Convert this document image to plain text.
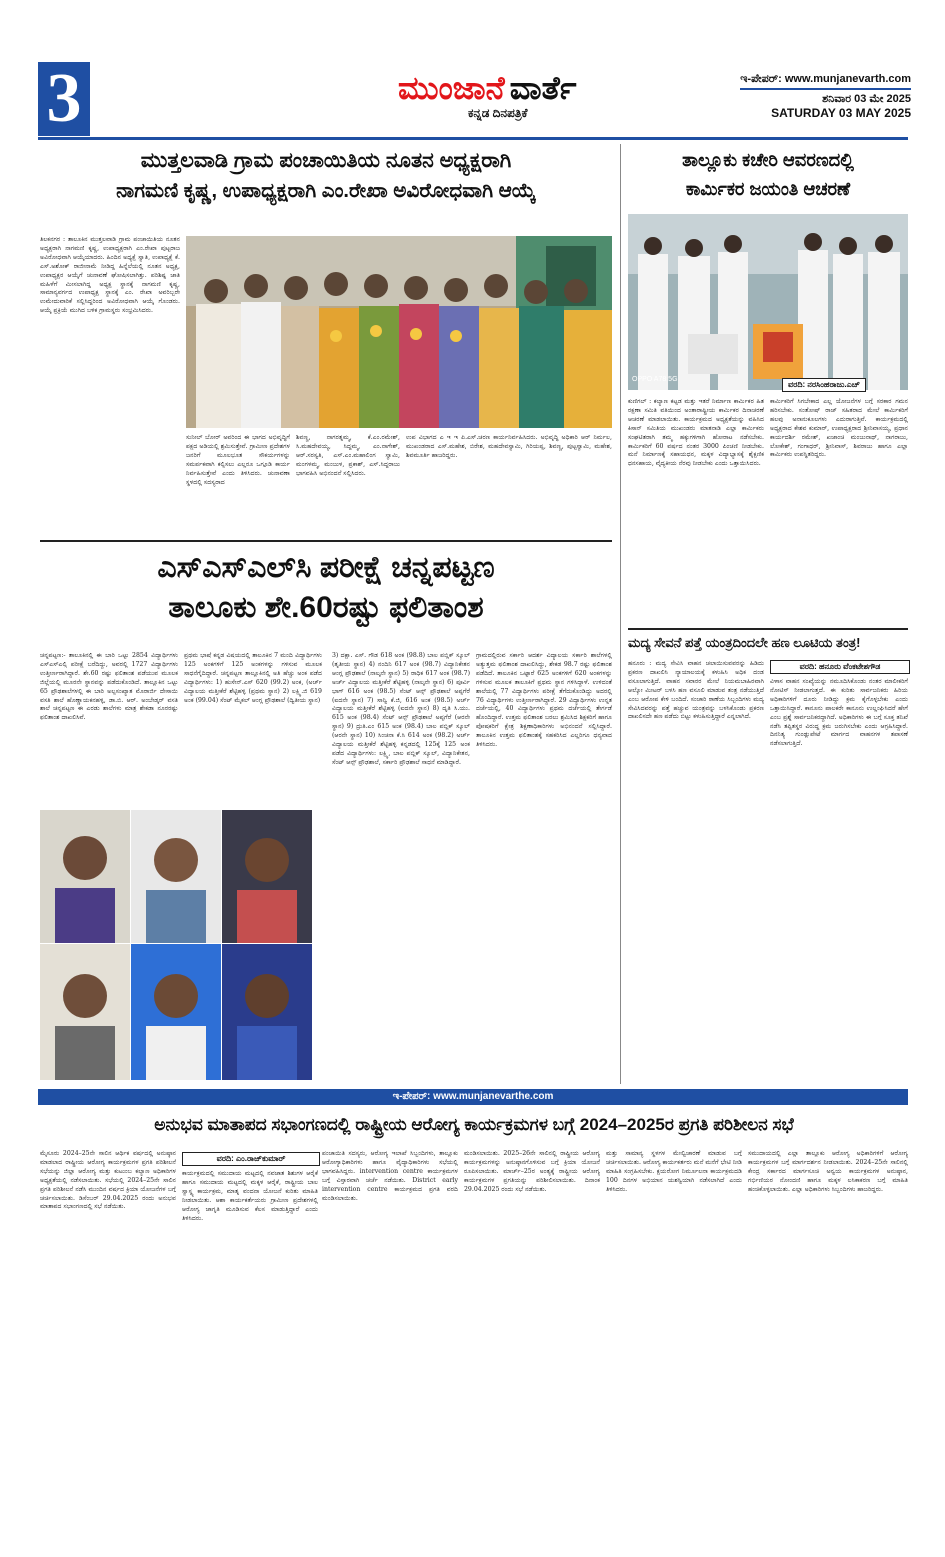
3	ಮುಂಜಾನೆ ವಾರ್ತೆ
ಕನ್ನಡ ದಿನಪತ್ರಿಕೆ
ಇ-ಪೇಪರ್: www.munjanevarth.com
ಶನಿವಾರ 03 ಮೇ 2025
SATURDAY 03 MAY 2025
ಮುತ್ತಲವಾಡಿ ಗ್ರಾಮ ಪಂಚಾಯಿತಿಯ ನೂತನ ಅಧ್ಯಕ್ಷರಾಗಿ
ನಾಗಮಣಿ ಕೃಷ್ಣ, ಉಪಾಧ್ಯಕ್ಷರಾಗಿ ಎಂ.ರೇಖಾ ಅವಿರೋಧವಾಗಿ ಆಯ್ಕೆ
ತಿಲಕನಗರ : ತಾಲೂಕಿನ ಮುತ್ತಲವಾಡಿ ಗ್ರಾಮ ಪಂಚಾಯಿತಿಯ ನೂತನ ಅಧ್ಯಕ್ಷರಾಗಿ ನಾಗಮಣಿ ಕೃಷ್ಣ, ಉಪಾಧ್ಯಕ್ಷರಾಗಿ ಎಂ.ರೇಖಾ ಪುಟ್ಟರಾಜ ಅವಿರೋಧವಾಗಿ ಆಯ್ಕೆಯಾದರು. ಹಿಂದಿನ ಅಧ್ಯಕ್ಷೆ ಸ್ವಾತಿ, ಉಪಾಧ್ಯಕ್ಷೆ ಕೆ. ಎಸ್.ಅಶೋಕ್ ರಾಜೀನಾಮೆ ನೀಡಿದ್ದ ಹಿನ್ನೆಲೆಯಲ್ಲಿ ನೂತನ ಅಧ್ಯಕ್ಷ, ಉಪಾಧ್ಯಕ್ಷರ ಆಯ್ಕೆಗೆ ಚುನಾವಣೆ ಘೋಷಿಸಲಾಗಿತ್ತು. ಪರಿಶಿಷ್ಟ ಜಾತಿ ಮಹಿಳೆಗೆ ಮೀಸಲಾಗಿದ್ದ ಅಧ್ಯಕ್ಷ ಸ್ಥಾನಕ್ಕೆ ನಾಗಮಣಿ ಕೃಷ್ಣ, ಸಾಮಾನ್ಯವರ್ಗದ ಉಪಾಧ್ಯಕ್ಷ ಸ್ಥಾನಕ್ಕೆ ಎಂ. ರೇಖಾ ಅವರಿಬ್ಬರೇ ಉಮೇದುವಾರಿಕೆ ಸಲ್ಲಿಸಿದ್ದರಿಂದ ಅವಿರೋಧವಾಗಿ ಆಯ್ಕೆ ಗೊಂಡರು. ಆಯ್ಕೆ ಪ್ರಕ್ರಿಯೆ ಮುಗಿದ ಬಳಿಕ ಗ್ರಾಮಸ್ಥರು ಸಂಭ್ರಮಿಸಿದರು.
ಸುನೀಲ್ ಬೋರ್ ಅವರಿಂದ ಈ ಭಾಗದ ಅಭಿವೃದ್ಧಿಗೆ ಪಕ್ಷದ ಅಡಿಯಲ್ಲಿ ಶ್ರಮಿಸುತ್ತೇವೆ. ಗ್ರಾಮೀಣ ಪ್ರದೇಶಗಳ ಜನರಿಗೆ ಮೂಲಭೂತ ಸೌಕರ್ಯಗಳನ್ನು ಸಮರ್ಪಕವಾಗಿ ಕಲ್ಪಿಸಲು ಎಲ್ಲರೂ ಒಗ್ಗೂಡಿ ಕಾರ್ಯ ನಿರ್ವಹಿಸುತ್ತೇವೆ ಎಂದು ತಿಳಿಸಿದರು. ಚುನಾವಣಾ ಸ್ಥಳದಲ್ಲಿ ಸದಸ್ಯರಾದ
ಶಿವಣ್ಣ, ನಾಗರತ್ನಮ್ಮ, ಕೆ.ಎಂ.ರಮೇಶ್, ಸಿ.ಮಹದೇವಯ್ಯ, ಸಿದ್ದಮ್ಮ, ಎಂ.ನಾಗೇಶ್, ಆರ್.ಸರಸ್ವತಿ, ಎಸ್.ಎಂ.ಮಹಾಲಿಂಗ ಸ್ವಾಮಿ, ಮಂಗಳಮ್ಮ, ಮಂಜುಳ, ಪ್ರಕಾಶ್, ಎಸ್.ಸಿದ್ದರಾಜು ಭಾಗವಹಿಸಿ ಅಭಿನಂದನೆ ಸಲ್ಲಿಸಿದರು.
ಉಪ ವಿಭಾಗದ ಎ ಇ ಇ ಪಿ.ಎಸ್.ಚರಣ ಕಾರ್ಯನಿರ್ವಹಿಸಿದರು. ಅಭಿವೃದ್ಧಿ ಅಧಿಕಾರಿ ಆರ್ ನಿರ್ಮಲ, ಮುಖಂಡರಾದ ಎಸ್.ಮಹೇಶ, ಬಿರೇಶ, ಮಹದೇವಸ್ವಾಮಿ, ಗಿರಿಯಪ್ಪ, ಶಿವಣ್ಣ, ಪುಟ್ಟಸ್ವಾಮಿ, ಮಹೇಶ, ಶಿವಮೂರ್ತಿ ಹಾಜರಿದ್ದರು.
ತಾಲ್ಲೂಕು ಕಚೇರಿ ಆವರಣದಲ್ಲಿ
ಕಾರ್ಮಿಕರ ಜಯಂತಿ ಆಚರಣೆ
OPPO A78 5G
ವರದಿ: ನರಸಿಂಹರಾಜು.ಎಚ್
ಕುಣಿಗಲ್ : ಕಲ್ಯಾಣ ಕಟ್ಟಡ ಮತ್ತು ಇತರೆ ನಿರ್ಮಾಣ ಕಾರ್ಮಿಕರ ಹಿತ ರಕ್ಷಣಾ ಸಮಿತಿ ವತಿಯಿಂದ ಅಂತಾರಾಷ್ಟ್ರೀಯ ಕಾರ್ಮಿಕರ ದಿನಾಚರಣೆ ಆಚರಣೆ ಮಾಡಲಾಯಿತು. ಕಾರ್ಯಕ್ರಮದ ಅಧ್ಯಕ್ಷತೆಯನ್ನು ವಹಿಸಿದ ಕಿಸಾನ್ ಸಮಿತಿಯ ಮುಖಂಡರು ಮಾತನಾಡಿ ಎಲ್ಲಾ ಕಾರ್ಮಿಕರು ಸಂಘಟಿತರಾಗಿ ತಮ್ಮ ಹಕ್ಕುಗಳಿಗಾಗಿ ಹೋರಾಟ ನಡೆಸಬೇಕು. ಕಾರ್ಮಿಕರಿಗೆ 60 ವರ್ಷದ ನಂತರ 3000 ಪಿಂಚಣಿ ನೀಡಬೇಕು. ಮನೆ ನಿರ್ಮಾಣಕ್ಕೆ ಸಹಾಯಧನ, ಮಕ್ಕಳ ವಿದ್ಯಾಭ್ಯಾಸಕ್ಕೆ ಶೈಕ್ಷಣಿಕ ಧನಸಹಾಯ, ವೈದ್ಯಕೀಯ ನೆರವು ನೀಡಬೇಕು ಎಂದು ಒತ್ತಾಯಿಸಿದರು.
ಕಾರ್ಮಿಕರಿಗೆ ಸಿಗಬೇಕಾದ ಎಲ್ಲ ಯೋಜನೆಗಳ ಬಗ್ಗೆ ಸರಕಾರ ಗಮನ ಹರಿಸಬೇಕು. ಸಂತೋಷ್ ರಾಜ್ ಸಹಿತರಾದ ಮೇಲೆ ಕಾರ್ಮಿಕರಿಗೆ ಹಲವು ಅನಾನುಕೂಲಗಳು ಎದುರಾಗುತ್ತಿವೆ. ಕಾರ್ಯಕ್ರಮದಲ್ಲಿ ಅಧ್ಯಕ್ಷರಾದ ಕೇಶವ ಕುಮಾರ್, ಉಪಾಧ್ಯಕ್ಷರಾದ ಶ್ರೀನಿವಾಸಯ್ಯ, ಪ್ರಧಾನ ಕಾರ್ಯದರ್ಶಿ ರಮೇಶ್, ಖಜಾಂಚಿ ಮಂಜುನಾಥ್, ನಾಗರಾಜು, ಲೋಕೇಶ್, ಗಂಗಾಧರ್, ಶ್ರೀನಿವಾಸ್, ಶಿವರಾಜು ಹಾಗೂ ಎಲ್ಲಾ ಕಾರ್ಮಿಕರು ಉಪಸ್ಥಿತರಿದ್ದರು.
ಮದ್ಯ ಸೇವನೆ ಪತ್ತೆ ಯಂತ್ರದಿಂದಲೇ ಹಣ ಲೂಟಿಯ ತಂತ್ರ!
ಹನೂರು : ಮದ್ಯ ಸೇವಿಸಿ ವಾಹನ ಚಲಾಯಿಸುವವರನ್ನು ಹಿಡಿದು ಪ್ರಕರಣ ದಾಖಲಿಸಿ ನ್ಯಾಯಾಲಯಕ್ಕೆ ಕಳುಹಿಸಿ ಅಧಿಕ ದಂಡ ವಸೂಲಾಗುತ್ತಿದೆ. ವಾಹನ ಸವಾರರ ಮೇಲೆ ನಿಯಮಬಾಹಿರವಾಗಿ ಆಲ್ಕೋ ಮೀಟರ್ ಬಳಸಿ ಹಣ ವಸೂಲಿ ಮಾಡುವ ತಂತ್ರ ನಡೆಯುತ್ತಿದೆ ಎಂಬ ಆರೋಪ ಕೇಳಿ ಬಂದಿದೆ. ಸಂಚಾರಿ ಠಾಣೆಯ ಸಿಬ್ಬಂದಿಗಳು ಮದ್ಯ ಸೇವಿಸಿದವರನ್ನು ಪತ್ತೆ ಹಚ್ಚುವ ಯಂತ್ರವನ್ನು ಬಳಸಿಕೊಂಡು ಪ್ರಕರಣ ದಾಖಲಿಸದೇ ಹಣ ಪಡೆದು ಬಿಟ್ಟು ಕಳುಹಿಸುತ್ತಿದ್ದಾರೆ ಎನ್ನಲಾಗಿದೆ.
ವರದಿ: ಹನೂರು ವೆಂಕಟೇಶಗೌಡ
ವಿಳಾಸ ವಾಹನ ಸಂಖ್ಯೆಯನ್ನು ನಮೂದಿಸಿಕೊಂಡು ನಂತರ ಮಾಲೀಕರಿಗೆ ನೋಟಿಸ್ ನೀಡಲಾಗುತ್ತದೆ. ಈ ಕುರಿತು ಸಾರ್ವಜನಿಕರು ಹಿರಿಯ ಅಧಿಕಾರಿಗಳಿಗೆ ದೂರು ನೀಡಿದ್ದು ಕ್ರಮ ಕೈಗೊಳ್ಳಬೇಕು ಎಂದು ಒತ್ತಾಯಿಸಿದ್ದಾರೆ. ಕಾನೂನು ಪಾಲಕರೇ ಕಾನೂನು ಉಲ್ಲಂಘಿಸಿದರೆ ಹೇಗೆ ಎಂಬ ಪ್ರಶ್ನೆ ಸಾರ್ವಜನಿಕರದ್ದಾಗಿದೆ. ಅಧಿಕಾರಿಗಳು ಈ ಬಗ್ಗೆ ಸೂಕ್ತ ತನಿಖೆ ನಡೆಸಿ ತಪ್ಪಿತಸ್ಥರ ವಿರುದ್ಧ ಕ್ರಮ ಜರುಗಿಸಬೇಕು ಎಂದು ಆಗ್ರಹಿಸಿದ್ದಾರೆ. ದಿನನಿತ್ಯ ಗುಂಡ್ಲುಪೇಟೆ ಮಾರ್ಗದ ವಾಹನಗಳ ತಪಾಸಣೆ ನಡೆಸಲಾಗುತ್ತಿದೆ.
ಎಸ್‌ಎಸ್‌ಎಲ್‌ಸಿ ಪರೀಕ್ಷೆ ಚನ್ನಪಟ್ಟಣ
ತಾಲೂಕು ಶೇ.60ರಷ್ಟು ಫಲಿತಾಂಶ
ಚನ್ನಪಟ್ಟಣ:- ತಾಲೂಕಿನಲ್ಲಿ ಈ ಬಾರಿ ಒಟ್ಟು 2854 ವಿದ್ಯಾರ್ಥಿಗಳು ಎಸ್ಎಸ್ಎಲ್ಸಿ ಪರೀಕ್ಷೆ ಬರೆದಿದ್ದು, ಅವರಲ್ಲಿ 1727 ವಿದ್ಯಾರ್ಥಿಗಳು ಉತ್ತೀರ್ಣರಾಗಿದ್ದಾರೆ. ಶೇ.60 ರಷ್ಟು ಫಲಿತಾಂಶ ಪಡೆಯುವ ಮೂಲಕ ಜಿಲ್ಲೆಯಲ್ಲಿ ಮೂರನೇ ಸ್ಥಾನವನ್ನು ಪಡೆದುಕೊಂಡಿದೆ. ತಾಲ್ಲೂಕಿನ ಒಟ್ಟು 65 ಪ್ರೌಢಶಾಲೆಗಳಲ್ಲಿ ಈ ಬಾರಿ ಅಲ್ಪಸಂಖ್ಯಾತ ಮೊರಾರ್ಜಿ ದೇಸಾಯಿ ವಸತಿ ಶಾಲೆ ಹೊಣ್ಣಾಯಕನಹಳ್ಳಿ, ಡಾ.ಬಿ. ಆರ್. ಅಂಬೇಡ್ಕರ್ ವಸತಿ ಶಾಲೆ ಚನ್ನಪಟ್ಟಣ ಈ ಎರಡು ಶಾಲೆಗಳು ಮಾತ್ರ ಶೇಕಡಾ ನೂರರಷ್ಟು ಫಲಿತಾಂಶ ದಾಖಲಿಸಿವೆ.
ಪ್ರಥಮ ಭಾಷೆ ಕನ್ನಡ ವಿಷಯದಲ್ಲಿ ತಾಲೂಕಿನ 7 ಮಂದಿ ವಿದ್ಯಾರ್ಥಿಗಳು 125 ಅಂಕಗಳಿಗೆ 125 ಅಂಕಗಳನ್ನು ಗಳಿಸುವ ಮೂಲಕ ಸಾಧನೆಗೈದಿದ್ದಾರೆ. ಚನ್ನಪಟ್ಟಣ ತಾಲ್ಲೂಕಿನಲ್ಲಿ ಅತಿ ಹೆಚ್ಚು ಅಂಕ ಪಡೆದ ವಿದ್ಯಾರ್ಥಿಗಳು: 1) ಹುಸೇನ್.ಎಸ್ 620 (99.2) ಅಂಕ, (ಅರ್ಚ್ ವಿದ್ಯಾಲಯ ಮತ್ತೀಕೆರೆ ಶೆಟ್ಟಿಹಳ್ಳಿ (ಪ್ರಥಮ ಸ್ಥಾನ) 2) ಲಕ್ಷ್ಮಿ.ಜಿ 619 ಅಂಕ (99.04) ಸೆಂಟ್ ಮೈಕಲ್ ಆಂಗ್ಲ ಪ್ರೌಢಶಾಲೆ (ದ್ವಿತೀಯ ಸ್ಥಾನ)
3) ದಕ್ಷಾ. ಎಸ್. ಗೌಡ 618 ಅಂಕ (98.8) ಬಾಲ ಪಬ್ಲಿಕ್ ಸ್ಕೂಲ್ (ತೃತೀಯ ಸ್ಥಾನ) 4) ನಂದಿನಿ 617 ಅಂಕ (98.7) ವಿದ್ಯಾನಿಕೇತನ ಆಂಗ್ಲ ಪ್ರೌಢಶಾಲೆ (ನಾಲ್ಕನೇ ಸ್ಥಾನ) 5) ರಾಧಿಕ 617 ಅಂಕ (98.7) ಅರ್ಚ್ ವಿದ್ಯಾಲಯ ಮತ್ತೀಕೆರೆ ಶೆಟ್ಟಿಹಳ್ಳಿ (ನಾಲ್ಕನೇ ಸ್ಥಾನ) 6) ಪೂರ್ವಿ ಭಾಗ್ 616 ಅಂಕ (98.5) ಸೆಂಟ್ ಆನ್ಸ್ ಪ್ರೌಢಶಾಲೆ ಅಪ್ಪಗೆರೆ (ಐದನೇ ಸ್ಥಾನ) 7) ಸಾನ್ವಿ ಕೆ.ಜಿ, 616 ಅಂಕ (98.5) ಅರ್ಚ್ ವಿದ್ಯಾಲಯ ಮತ್ತೀಕೆರೆ ಶೆಟ್ಟಿಹಳ್ಳಿ (ಐದನೇ ಸ್ಥಾನ) 8) ದೃತಿ ಸಿ.ಯು. 615 ಅಂಕ (98.4) ಸೆಂಟ್ ಆನ್ಸ್ ಪ್ರೌಢಶಾಲೆ ಅಪ್ಪಗೆರೆ (ಆರನೇ ಸ್ಥಾನ) 9) ದ್ರುತಿ.ಎಂ 615 ಅಂಕ (98.4) ಬಾಲ ಪಬ್ಲಿಕ್ ಸ್ಕೂಲ್ (ಆರನೇ ಸ್ಥಾನ) 10) ಸಿಂಚನಾ ಕೆ.ಸಿ 614 ಅಂಕ (98.2) ಅರ್ಚ್ ವಿದ್ಯಾಲಯ ಮತ್ತೀಕೆರೆ ಶೆಟ್ಟಿಹಳ್ಳಿ ಕನ್ನಡದಲ್ಲಿ 125ಕ್ಕೆ 125 ಅಂಕ ಪಡೆದ ವಿದ್ಯಾರ್ಥಿಗಳು: ಲಕ್ಷ್ಮಿ, ಬಾಲ ಪಬ್ಲಿಕ್ ಸ್ಕೂಲ್, ವಿದ್ಯಾನಿಕೇತನ, ಸೆಂಟ್ ಆನ್ಸ್ ಪ್ರೌಢಶಾಲೆ, ಸರ್ಕಾರಿ ಪ್ರೌಢಶಾಲೆ ಸಾಧನೆ ಮಾಡಿದ್ದಾರೆ.
ಗ್ರಾಮದಲ್ಲಿರುವ ಸರ್ಕಾರಿ ಆದರ್ಶ ವಿದ್ಯಾಲಯ ಸರ್ಕಾರಿ ಶಾಲೆಗಳಲ್ಲಿ ಅತ್ಯುತ್ತಮ ಫಲಿತಾಂಶ ದಾಖಲಿಸಿದ್ದು, ಶೇಕಡ 98.7 ರಷ್ಟು ಫಲಿತಾಂಶ ಪಡೆದಿದೆ. ತಾಲೂಕಿನ ಒಟ್ಟಾರೆ 625 ಅಂಕಗಳಿಗೆ 620 ಅಂಕಗಳನ್ನು ಗಳಿಸುವ ಮೂಲಕ ತಾಲೂಕಿಗೆ ಪ್ರಥಮ ಸ್ಥಾನ ಗಳಿಸಿದ್ದಾಳೆ. ಉಳಿದಂತೆ ಶಾಲೆಯಲ್ಲಿ 77 ವಿದ್ಯಾರ್ಥಿಗಳು ಪರೀಕ್ಷೆ ತೆಗೆದುಕೊಂಡಿದ್ದು ಅದರಲ್ಲಿ 76 ವಿದ್ಯಾರ್ಥಿಗಳು ಉತ್ತೀರ್ಣರಾಗಿದ್ದಾರೆ. 29 ವಿದ್ಯಾರ್ಥಿಗಳು ಉನ್ನತ ದರ್ಜೆಯಲ್ಲಿ, 40 ವಿದ್ಯಾರ್ಥಿಗಳು ಪ್ರಥಮ ದರ್ಜೆಯಲ್ಲಿ ತೇರ್ಗಡೆ ಹೊಂದಿದ್ದಾರೆ. ಉತ್ತಮ ಫಲಿತಾಂಶ ಬರಲು ಶ್ರಮಿಸಿದ ಶಿಕ್ಷಕರಿಗೆ ಹಾಗೂ ಪೋಷಕರಿಗೆ ಕ್ಷೇತ್ರ ಶಿಕ್ಷಣಾಧಿಕಾರಿಗಳು ಅಭಿನಂದನೆ ಸಲ್ಲಿಸಿದ್ದಾರೆ. ತಾಲೂಕಿನ ಉತ್ತಮ ಫಲಿತಾಂಶಕ್ಕೆ ಸಹಕರಿಸಿದ ಎಲ್ಲರಿಗೂ ಧನ್ಯವಾದ ತಿಳಿಸಿದರು.
ಇ-ಪೇಪರ್: www.munjanevarthe.com
ಅನುಭವ ಮಾತಾಪದ ಸಭಾಂಗಣದಲ್ಲಿ ರಾಷ್ಟ್ರೀಯ ಆರೋಗ್ಯ ಕಾರ್ಯಕ್ರಮಗಳ ಬಗ್ಗೆ 2024–2025ರ ಪ್ರಗತಿ ಪರಿಶೀಲನ ಸಭೆ
ಮೈಸೂರು 2024–25ನೇ ಸಾಲಿನ ಆರ್ಥಿಕ ವರ್ಷದಲ್ಲಿ ಅನುಷ್ಠಾನ ಮಾಡಲಾದ ರಾಷ್ಟ್ರೀಯ ಆರೋಗ್ಯ ಕಾರ್ಯಕ್ರಮಗಳ ಪ್ರಗತಿ ಪರಿಶೀಲನೆ ಸಭೆಯನ್ನು ಜಿಲ್ಲಾ ಆರೋಗ್ಯ ಮತ್ತು ಕುಟುಂಬ ಕಲ್ಯಾಣ ಅಧಿಕಾರಿಗಳ ಅಧ್ಯಕ್ಷತೆಯಲ್ಲಿ ನಡೆಸಲಾಯಿತು. ಸಭೆಯಲ್ಲಿ 2024–25ನೇ ಸಾಲಿನ ಪ್ರಗತಿ ಪರಿಶೀಲನೆ ನಡೆಸಿ ಮುಂದಿನ ವರ್ಷದ ಕ್ರಿಯಾ ಯೋಜನೆಗಳ ಬಗ್ಗೆ ಚರ್ಚಿಸಲಾಯಿತು. ಡಿಸೆಂಬರ್ 29.04.2025 ರಂದು ಅನುಭವ ಮಾತಾಪದ ಸಭಾಂಗಣದಲ್ಲಿ ಸಭೆ ನಡೆಯಿತು.
ವರದಿ: ಎಂ.ರಾಜ್‌ಕುಮಾರ್
ಕಾರ್ಯಕ್ರಮದಲ್ಲಿ ಸಮುದಾಯ ಮಟ್ಟದಲ್ಲಿ ನವಜಾತ ಶಿಶುಗಳ ಆರೈಕೆ ಹಾಗೂ ಸಮುದಾಯ ಮಟ್ಟದಲ್ಲಿ ಮಕ್ಕಳ ಆರೈಕೆ, ರಾಷ್ಟ್ರೀಯ ಬಾಲ ಸ್ವಾಸ್ಥ್ಯ ಕಾರ್ಯಕ್ರಮ, ಮಾತೃ ವಂದನಾ ಯೋಜನೆ ಕುರಿತು ಮಾಹಿತಿ ನೀಡಲಾಯಿತು. ಆಶಾ ಕಾರ್ಯಕರ್ತೆಯರು ಗ್ರಾಮೀಣ ಪ್ರದೇಶಗಳಲ್ಲಿ ಆರೋಗ್ಯ ಜಾಗೃತಿ ಮೂಡಿಸುವ ಕೆಲಸ ಮಾಡುತ್ತಿದ್ದಾರೆ ಎಂದು ತಿಳಿಸಿದರು.
ಪಂಚಾಯಿತಿ ಸದಸ್ಯರು, ಆರೋಗ್ಯ ಇಲಾಖೆ ಸಿಬ್ಬಂದಿಗಳು, ತಾಲ್ಲೂಕು ಆರೋಗ್ಯಾಧಿಕಾರಿಗಳು ಹಾಗೂ ವೈದ್ಯಾಧಿಕಾರಿಗಳು ಸಭೆಯಲ್ಲಿ ಭಾಗವಹಿಸಿದ್ದರು. intervention centre ಕಾರ್ಯಕ್ರಮಗಳ ಬಗ್ಗೆ ವಿಸ್ತಾರವಾಗಿ ಚರ್ಚೆ ನಡೆಯಿತು. District early intervention centre ಕಾರ್ಯಕ್ರಮದ ಪ್ರಗತಿ ವರದಿ ಮಂಡಿಸಲಾಯಿತು.
ಮಂಡಿಸಲಾಯಿತು. 2025–26ನೇ ಸಾಲಿನಲ್ಲಿ ರಾಷ್ಟ್ರೀಯ ಆರೋಗ್ಯ ಕಾರ್ಯಕ್ರಮಗಳನ್ನು ಅನುಷ್ಠಾನಗೊಳಿಸುವ ಬಗ್ಗೆ ಕ್ರಿಯಾ ಯೋಜನೆ ರೂಪಿಸಲಾಯಿತು. ಮಾರ್ಚ್–25ರ ಅಂತ್ಯಕ್ಕೆ ರಾಷ್ಟ್ರೀಯ ಆರೋಗ್ಯ ಕಾರ್ಯಕ್ರಮಗಳ ಪ್ರಗತಿಯನ್ನು ಪರಿಶೀಲಿಸಲಾಯಿತು. ದಿನಾಂಕ 29.04.2025 ರಂದು ಸಭೆ ನಡೆಯಿತು.
ಮತ್ತು ಸಾಮಾನ್ಯ ಸ್ಥಳಗಳ ಮೇಲ್ವಿಚಾರಣೆ ಮಾಡುವ ಬಗ್ಗೆ ಚರ್ಚಿಸಲಾಯಿತು. ಆರೋಗ್ಯ ಕಾರ್ಯಕರ್ತರು ಮನೆ ಮನೆಗೆ ಭೇಟಿ ನೀಡಿ ಮಾಹಿತಿ ಸಂಗ್ರಹಿಸಬೇಕು. ಕ್ಷಯರೋಗ ನಿರ್ಮೂಲನಾ ಕಾರ್ಯಕ್ರಮದಡಿ 100 ದಿನಗಳ ಅಭಿಯಾನ ಯಶಸ್ವಿಯಾಗಿ ನಡೆಸಲಾಗಿದೆ ಎಂದು ತಿಳಿಸಿದರು.
ಸಮುದಾಯದಲ್ಲಿ ಎಲ್ಲಾ ತಾಲ್ಲೂಕು ಆರೋಗ್ಯ ಅಧಿಕಾರಿಗಳಿಗೆ ಆರೋಗ್ಯ ಕಾರ್ಯಕ್ರಮಗಳ ಬಗ್ಗೆ ಮಾರ್ಗದರ್ಶನ ನೀಡಲಾಯಿತು. 2024–25ನೇ ಸಾಲಿನಲ್ಲಿ ಕೇಂದ್ರ ಸರ್ಕಾರದ ಮಾರ್ಗಸೂಚಿ ಅನ್ವಯ ಕಾರ್ಯಕ್ರಮಗಳ ಅನುಷ್ಠಾನ, ಗರ್ಭಿಣಿಯರ ನೋಂದಣಿ ಹಾಗೂ ಮಕ್ಕಳ ಲಸಿಕಾಕರಣ ಬಗ್ಗೆ ಮಾಹಿತಿ ಹಂಚಿಕೊಳ್ಳಲಾಯಿತು. ಎಲ್ಲಾ ಅಧಿಕಾರಿಗಳು ಸಿಬ್ಬಂದಿಗಳು ಹಾಜರಿದ್ದರು.
